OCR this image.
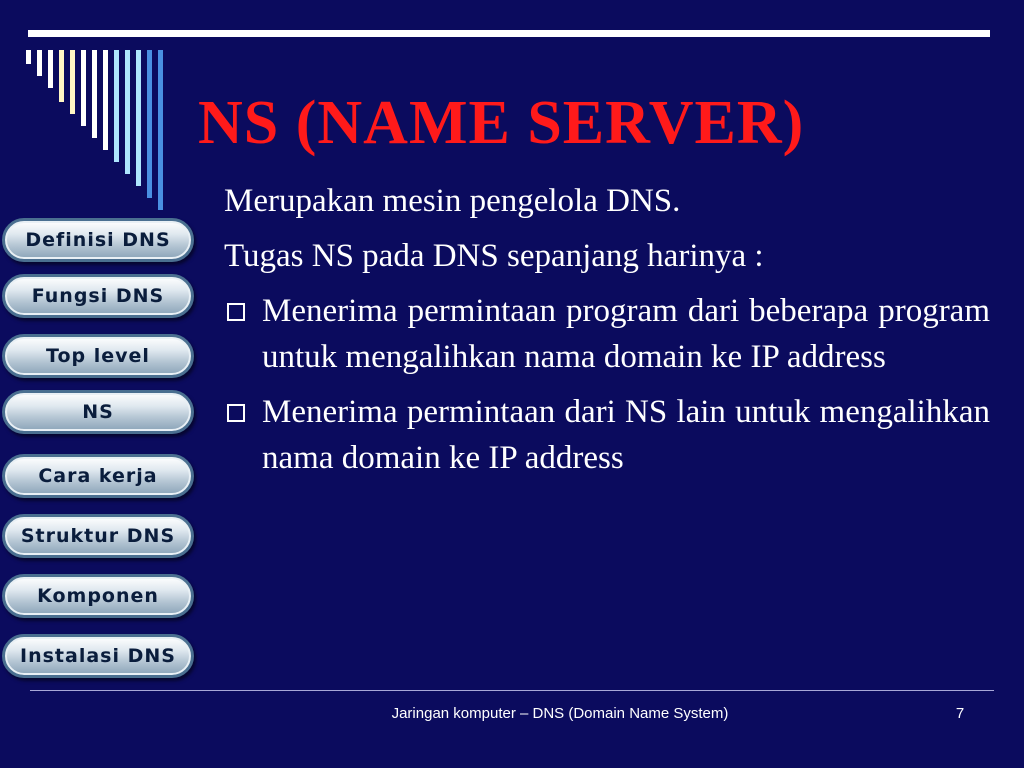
NS (NAME SERVER)

Merupakan mesin pengelola DNS.

Tugas NS pada DNS sepanjang harinya :

Menerima permintaan program dari beberapa program untuk mengalihkan nama domain ke IP address
Menerima permintaan dari NS lain untuk mengalihkan nama domain ke IP address
Definisi DNS
Fungsi DNS
Top level
NS
Cara kerja
Struktur DNS
Komponen
Instalasi DNS
Jaringan komputer – DNS (Domain Name System)	7
